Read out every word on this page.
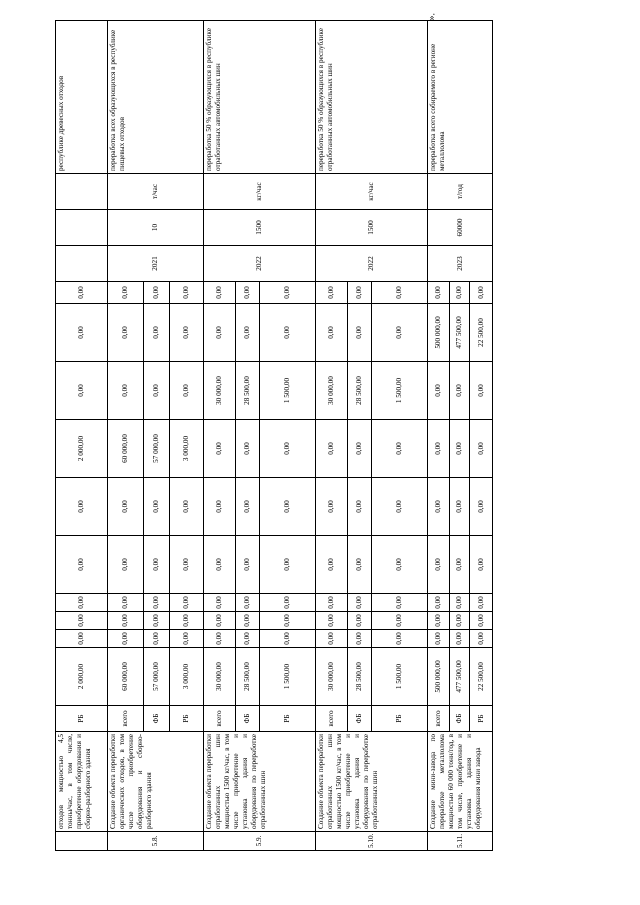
	отходов мощностью 4,5 тонны/час, в том числе, приобретение оборудования и сборно-разборного здания	РБ	2 000,00	0,00	0,00	0,00	0,00	0,00	2 000,00	0,00	0,00	0,00				республике древесных отходов
5.8.	Создание объекта переработки органических отходов, в том числе приобретение оборудования и сборно-разборного здания	всего	60 000,00	0,00	0,00	0,00	0,00	0,00	60 000,00	0,00	0,00	0,00	2021	10	т/час	переработка всех образующихся в республике пищевых отходов
		ФБ	57 000,00	0,00	0,00	0,00	0,00	0,00	57 000,00	0,00	0,00	0,00				
		РБ	3 000,00	0,00	0,00	0,00	0,00	0,00	3 000,00	0,00	0,00	0,00				
5.9.	Создание объекта переработки отработанных шин мощностью 1500 кг/час, в том числе приобретение и установка здания и оборудования по переработке отработанных шин	всего	30 000,00	0,00	0,00	0,00	0,00	0,00	0,00	30 000,00	0,00	0,00	2022	1500	кг/час	переработка 50 % образующихся в республике отработанных автомобильных шин
		ФБ	28 500,00	0,00	0,00	0,00	0,00	0,00	0,00	28 500,00	0,00	0,00				
		РБ	1 500,00	0,00	0,00	0,00	0,00	0,00	0,00	1 500,00	0,00	0,00				
5.10.	Создание объекта переработки отработанных шин мощностью 1500 кг/час, в том числе приобретение и установка здания и оборудования по переработке отработанных шин	всего	30 000,00	0,00	0,00	0,00	0,00	0,00	0,00	30 000,00	0,00	0,00	2022	1500	кг/час	переработка 50 % образующихся в республике отработанных автомобильных шин
		ФБ	28 500,00	0,00	0,00	0,00	0,00	0,00	0,00	28 500,00	0,00	0,00				
		РБ	1 500,00	0,00	0,00	0,00	0,00	0,00	0,00	1 500,00	0,00	0,00				
5.11.	Создание мини-завода по переработке металлолома мощностью 60 000 тонн/год, в том числе, приобретение и установка здания и оборудования мини завода	всего	500 000,00	0,00	0,00	0,00	0,00	0,00	0,00	0,00	500 000,00	0,00	2023	60000	т/год	переработка всего собираемого в регионе металлолома
		ФБ	477 500,00	0,00	0,00	0,00	0,00	0,00	0,00	0,00	477 500,00	0,00				
		РБ	22 500,00	0,00	0,00	0,00	0,00	0,00	0,00	0,00	22 500,00	0,00				
».
